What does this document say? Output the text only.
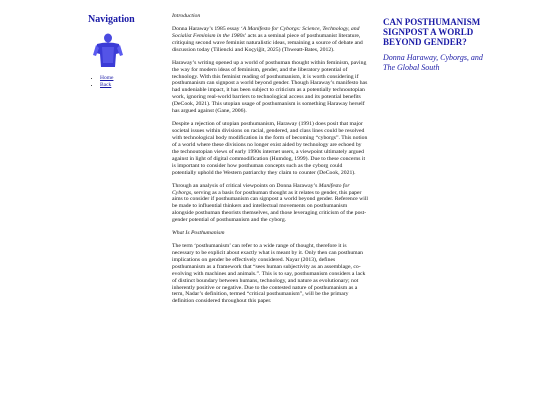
Navigation
• Home
• Back
Introduction

Donna Haraway’s 1985 essay ‘A Manifesto for Cyborgs: Science, Technology, and Socialist Feminism in the 1980s’ acts as a seminal piece of posthumanist literature, critiquing second wave feminist naturalistic ideas, remaining a source of debate and discussion today (Tiliencki and Koçyiğit, 2025) (Thweatt-Bates, 2012).

Haraway’s writing opened up a world of posthuman thought within feminism, paving the way for modern ideas of feminism, gender, and the liberatory potential of technology. With this feminist reading of posthumanism, it is worth considering if posthumanism can signpost a world beyond gender. Though Haraway’s manifesto has had undeniable impact, it has been subject to criticism as a potentially technoutopian work, ignoring real-world barriers to technological access and its potential benefits (DeCook, 2021). This utopian usage of posthumanism is something Haraway herself has argued against (Gane, 2006).

Despite a rejection of utopian posthumanism, Haraway (1991) does posit that major societal issues within divisions on racial, gendered, and class lines could be resolved with technological body modification in the form of becoming “cyborgs”. This notion of a world where these divisions no longer exist aided by technology are echoed by the technoutopian views of early 1990s internet users, a viewpoint ultimately argued against in light of digital commodification (Humdog, 1999). Due to these concerns it is important to consider how posthuman concepts such as the cyborg could potentially uphold the Western patriarchy they claim to counter (DeCook, 2021).

Through an analysis of critical viewpoints on Donna Haraway’s Manifesto for Cyborgs, serving as a basis for posthuman thought as it relates to gender, this paper aims to consider if posthumanism can signpost a world beyond gender. Reference will be made to influential thinkers and intellectual movements on posthumanism alongside posthuman theorists themselves, and those leveraging criticism of the post-gender potential of posthumanism and the cyborg.

What Is Posthumanism

The term ‘posthumanism’ can refer to a wide range of thought, therefore it is necessary to be explicit about exactly what is meant by it. Only then can posthuman implications on gender be effectively considered. Nayar (2013), defines posthumanism as a framework that “sees human subjectivity as an assemblage, co-evolving with machines and animals.”. This is to say, posthumanism considers a lack of distinct boundary between humans, technology, and nature as evolutionary; not inherently positive or negative. Due to the contested nature of posthumanism as a term, Nadar’s definition, termed “critical posthumanism”, will be the primary definition considered throughout this paper.

CAN POSTHUMANISM SIGNPOST A WORLD BEYOND GENDER?
Donna Haraway, Cyborgs, and The Global South
